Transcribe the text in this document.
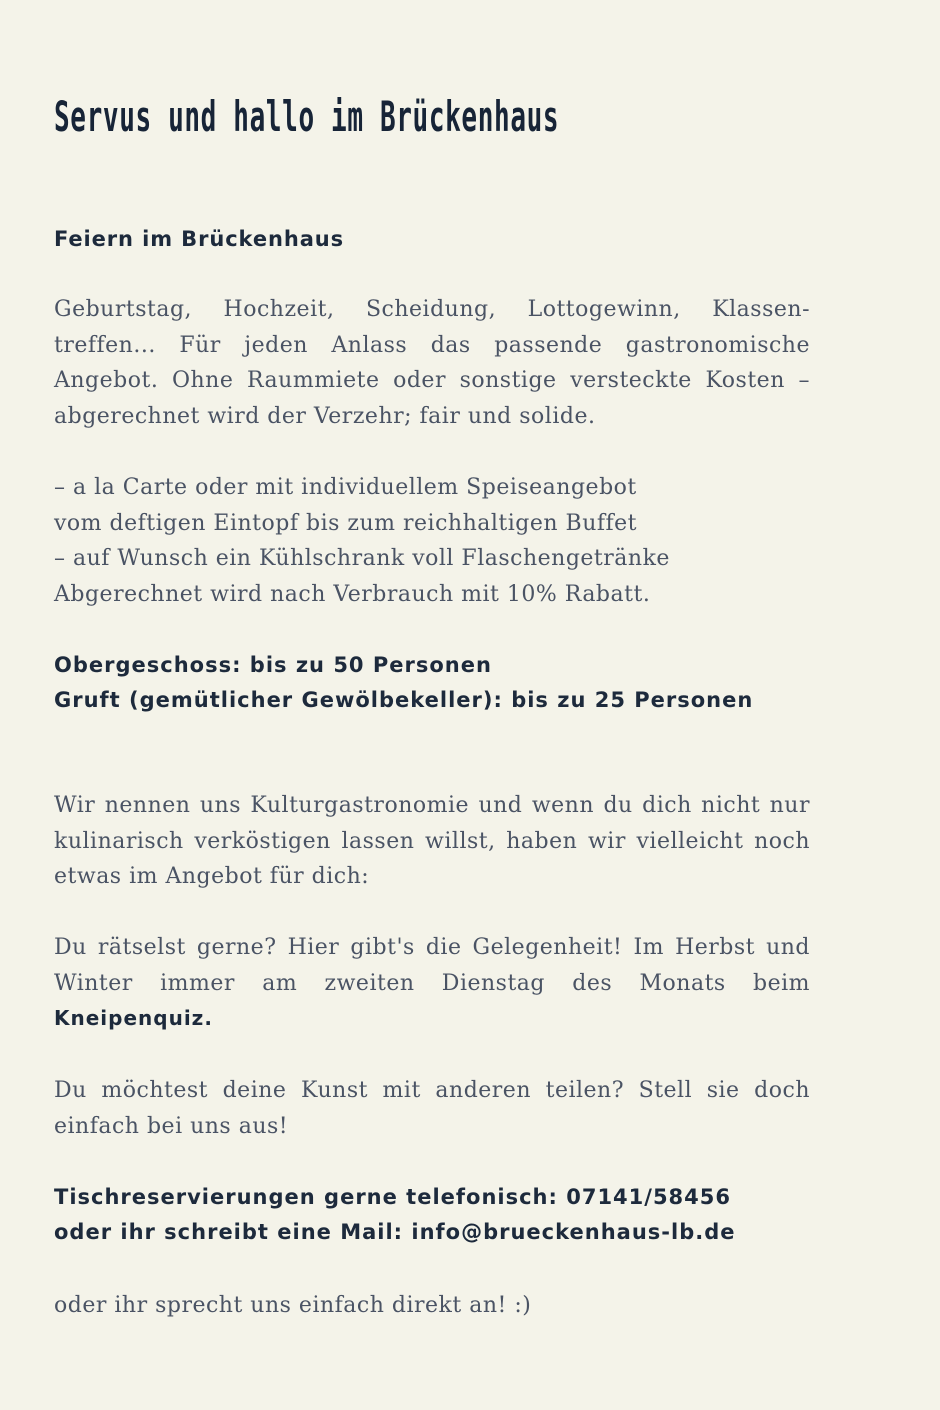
Servus und hallo im Brückenhaus
Feiern im Brückenhaus

Geburtstag, Hochzeit, Scheidung, Lottogewinn, Klassen-treffen... Für jeden Anlass das passende gastronomische Angebot. Ohne Raummiete oder sonstige versteckte Kosten – abgerechnet wird der Verzehr; fair und solide.

– a la Carte oder mit individuellem Speiseangebot
vom deftigen Eintopf bis zum reichhaltigen Buffet
– auf Wunsch ein Kühlschrank voll Flaschengetränke
Abgerechnet wird nach Verbrauch mit 10% Rabatt.
Obergeschoss: bis zu 50 Personen
Gruft (gemütlicher Gewölbekeller): bis zu 25 Personen

Wir nennen uns Kulturgastronomie und wenn du dich nicht nur kulinarisch verköstigen lassen willst, haben wir vielleicht noch etwas im Angebot für dich:

Du rätselst gerne? Hier gibt's die Gelegenheit! Im Herbst und Winter immer am zweiten Dienstag des Monats beim Kneipenquiz.

Du möchtest deine Kunst mit anderen teilen? Stell sie doch einfach bei uns aus!

Tischreservierungen gerne telefonisch: 07141/58456
oder ihr schreibt eine Mail: info@brueckenhaus-lb.de

oder ihr sprecht uns einfach direkt an! :)
